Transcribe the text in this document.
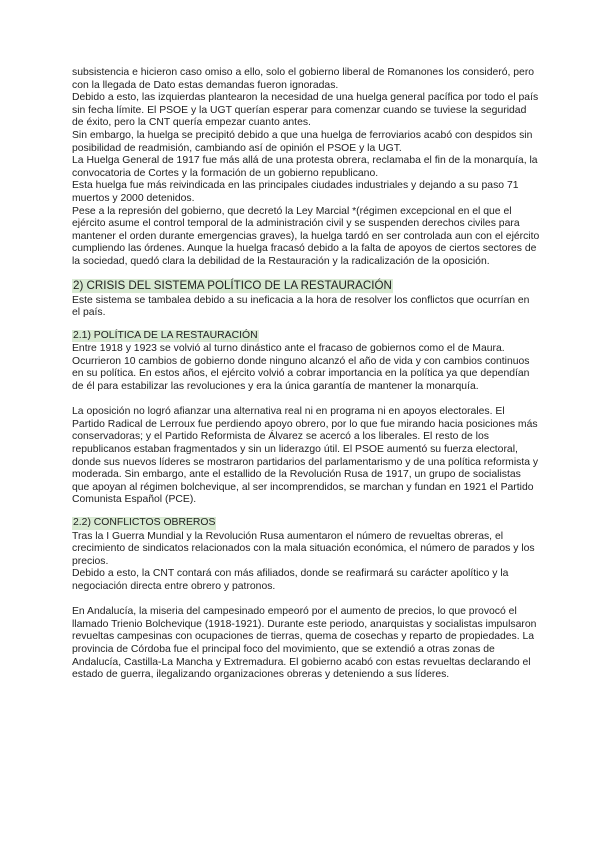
subsistencia e hicieron caso omiso a ello, solo el gobierno liberal de Romanones los consideró, pero con la llegada de Dato estas demandas fueron ignoradas.

Debido a esto, las izquierdas plantearon la necesidad de una huelga general pacífica por todo el país sin fecha límite. El PSOE y la UGT querían esperar para comenzar cuando se tuviese la seguridad de éxito, pero la CNT quería empezar cuanto antes.

Sin embargo, la huelga se precipitó debido a que una huelga de ferroviarios acabó con despidos sin posibilidad de readmisión, cambiando así de opinión el PSOE y la UGT.

La Huelga General de 1917 fue más allá de una protesta obrera, reclamaba el fin de la monarquía, la convocatoria de Cortes y la formación de un gobierno republicano.

Esta huelga fue más reivindicada en las principales ciudades industriales y dejando a su paso 71 muertos y 2000 detenidos.

Pese a la represión del gobierno, que decretó la Ley Marcial *(régimen excepcional en el que el ejército asume el control temporal de la administración civil y se suspenden derechos civiles para mantener el orden durante emergencias graves), la huelga tardó en ser controlada aun con el ejército cumpliendo las órdenes. Aunque la huelga fracasó debido a la falta de apoyos de ciertos sectores de la sociedad, quedó clara la debilidad de la Restauración y la radicalización de la oposición.

2) CRISIS DEL SISTEMA POLÍTICO DE LA RESTAURACIÓN

Este sistema se tambalea debido a su ineficacia a la hora de resolver los conflictos que ocurrían en el país.

2.1) POLÍTICA DE LA RESTAURACIÓN

Entre 1918 y 1923 se volvió al turno dinástico ante el fracaso de gobiernos como el de Maura. Ocurrieron 10 cambios de gobierno donde ninguno alcanzó el año de vida y con cambios continuos en su política. En estos años, el ejército volvió a cobrar importancia en la política ya que dependían de él para estabilizar las revoluciones y era la única garantía de mantener la monarquía.

La oposición no logró afianzar una alternativa real ni en programa ni en apoyos electorales. El Partido Radical de Lerroux fue perdiendo apoyo obrero, por lo que fue mirando hacia posiciones más conservadoras; y el Partido Reformista de Álvarez se acercó a los liberales. El resto de los republicanos estaban fragmentados y sin un liderazgo útil. El PSOE aumentó su fuerza electoral, donde sus nuevos líderes se mostraron partidarios del parlamentarismo y de una política reformista y moderada. Sin embargo, ante el estallido de la Revolución Rusa de 1917, un grupo de socialistas que apoyan al régimen bolchevique, al ser incomprendidos, se marchan y fundan en 1921 el Partido Comunista Español (PCE).

2.2) CONFLICTOS OBREROS

Tras la I Guerra Mundial y la Revolución Rusa aumentaron el número de revueltas obreras, el crecimiento de sindicatos relacionados con la mala situación económica, el número de parados y los precios.

Debido a esto, la CNT contará con más afiliados, donde se reafirmará su carácter apolítico y la negociación directa entre obrero y patronos.

En Andalucía, la miseria del campesinado empeoró por el aumento de precios, lo que provocó el llamado Trienio Bolchevique (1918-1921). Durante este periodo, anarquistas y socialistas impulsaron revueltas campesinas con ocupaciones de tierras, quema de cosechas y reparto de propiedades. La provincia de Córdoba fue el principal foco del movimiento, que se extendió a otras zonas de Andalucía, Castilla-La Mancha y Extremadura. El gobierno acabó con estas revueltas declarando el estado de guerra, ilegalizando organizaciones obreras y deteniendo a sus líderes.
